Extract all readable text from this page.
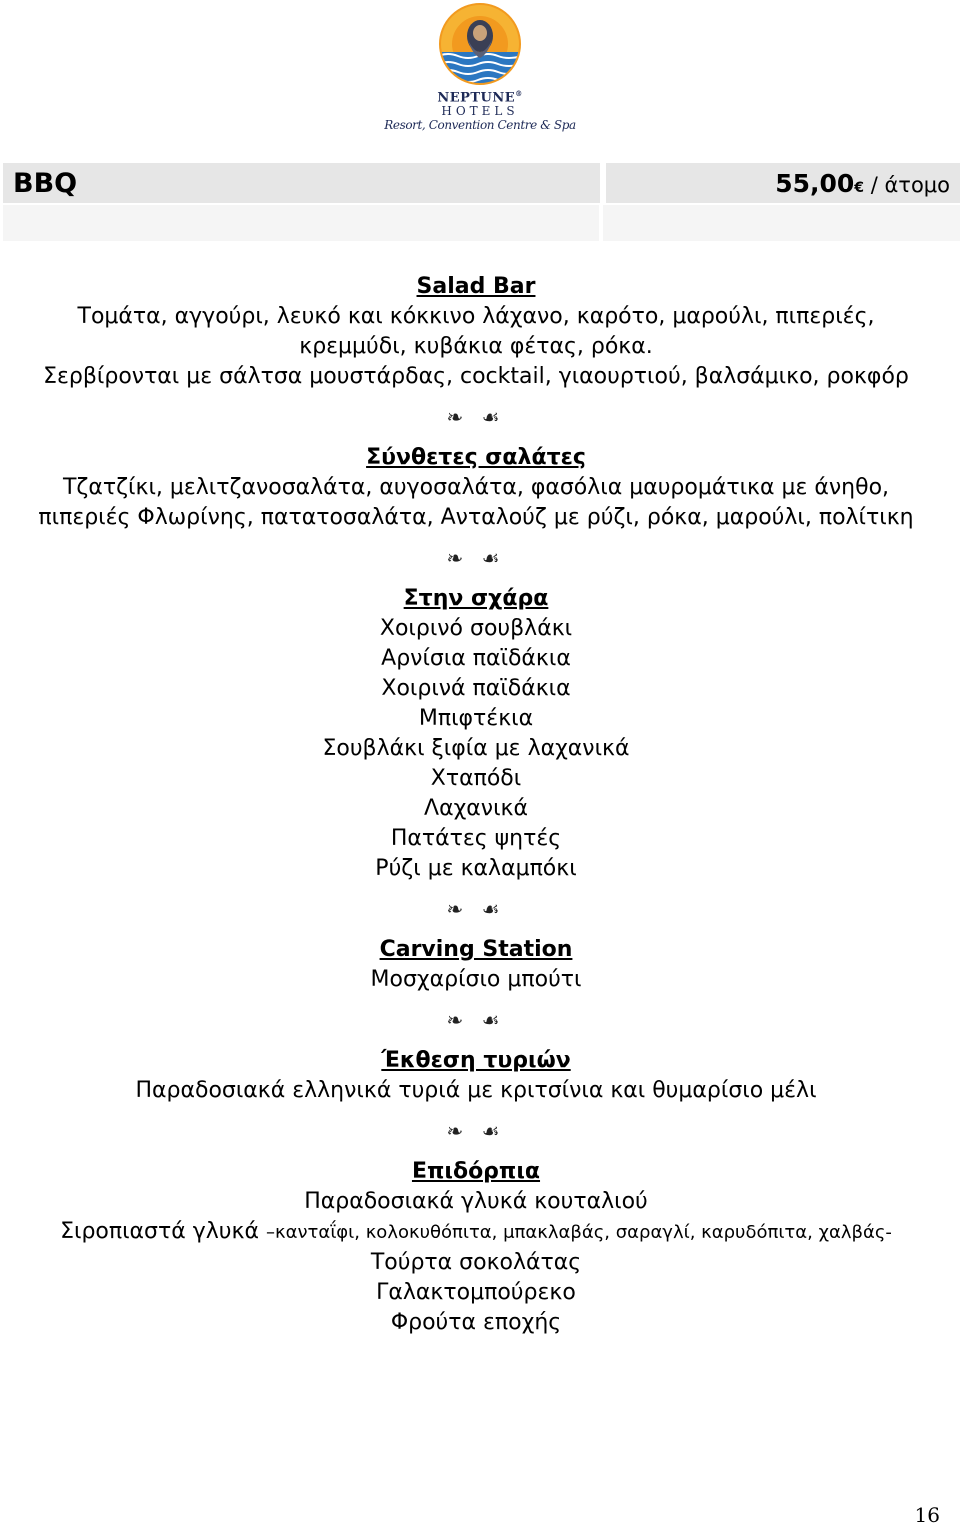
NEPTUNE®
HOTELS
Resort, Convention Centre & Spa
BBQ	55,00€ / άτομο
Salad Bar
Τομάτα, αγγούρι, λευκό και κόκκινο λάχανο, καρότο, μαρούλι, πιπεριές,
κρεμμύδι, κυβάκια φέτας, ρόκα.
Σερβίρονται με σάλτσα μουστάρδας, cocktail, γιαουρτιού, βαλσάμικο, ροκφόρ
❧ ☙
Σύνθετες σαλάτες
Τζατζίκι, μελιτζανοσαλάτα, αυγοσαλάτα, φασόλια μαυρομάτικα με άνηθο,
πιπεριές Φλωρίνης, πατατοσαλάτα, Ανταλούζ με ρύζι, ρόκα, μαρούλι, πολίτικη
❧ ☙
Στην σχάρα
Χοιρινό σουβλάκι
Αρνίσια παϊδάκια
Χοιρινά παϊδάκια
Μπιφτέκια
Σουβλάκι ξιφία με λαχανικά
Χταπόδι
Λαχανικά
Πατάτες ψητές
Ρύζι με καλαμπόκι
❧ ☙
Carving Station
Μοσχαρίσιο μπούτι
❧ ☙
Έκθεση τυριών
Παραδοσιακά ελληνικά τυριά με κριτσίνια και θυμαρίσιο μέλι
❧ ☙
Επιδόρπια
Παραδοσιακά γλυκά κουταλιού
Σιροπιαστά γλυκά –κανταΐφι, κολοκυθόπιτα, μπακλαβάς, σαραγλί, καρυδόπιτα, χαλβάς-
Τούρτα σοκολάτας
Γαλακτομπούρεκο
Φρούτα εποχής
16
